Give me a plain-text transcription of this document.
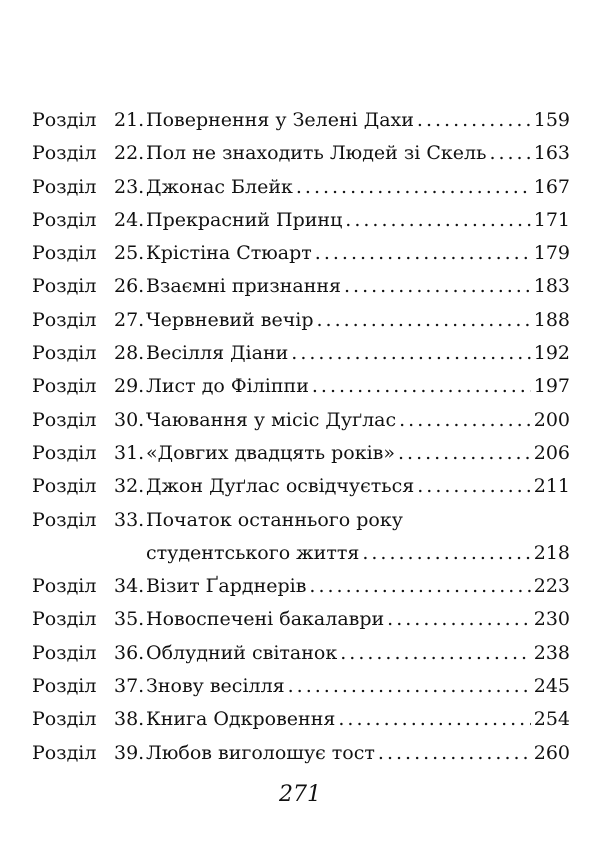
Розділ 21. Повернення у Зелені Дахи .....	159
Розділ 22. Пол не знаходить Людей зі Скель ..... 163
Розділ 23. Джонас Блейк .....	167
Розділ 24. Прекрасний Принц .....	171
Розділ 25. Крістіна Стюарт .....	179
Розділ 26. Взаємні признання .....	183
Розділ 27. Червневий вечір .....	188
Розділ 28. Весілля Діани .....	192
Розділ 29. Лист до Філіппи .....	197
Розділ 30. Чаювання у місіс Дуґлас .....	200
Розділ 31. «Довгих двадцять років» .....	206
Розділ 32. Джон Дуґлас освідчується .....	211
Розділ 33. Початок останнього року
студентського життя .....	218
Розділ 34. Візит Ґарднерів .....	223
Розділ 35. Новоспечені бакалаври .....	230
Розділ 36. Облудний світанок .....	238
Розділ 37. Знову весілля .....	245
Розділ 38. Книга Одкровення .....	254
Розділ 39. Любов виголошує тост .....	260
271
